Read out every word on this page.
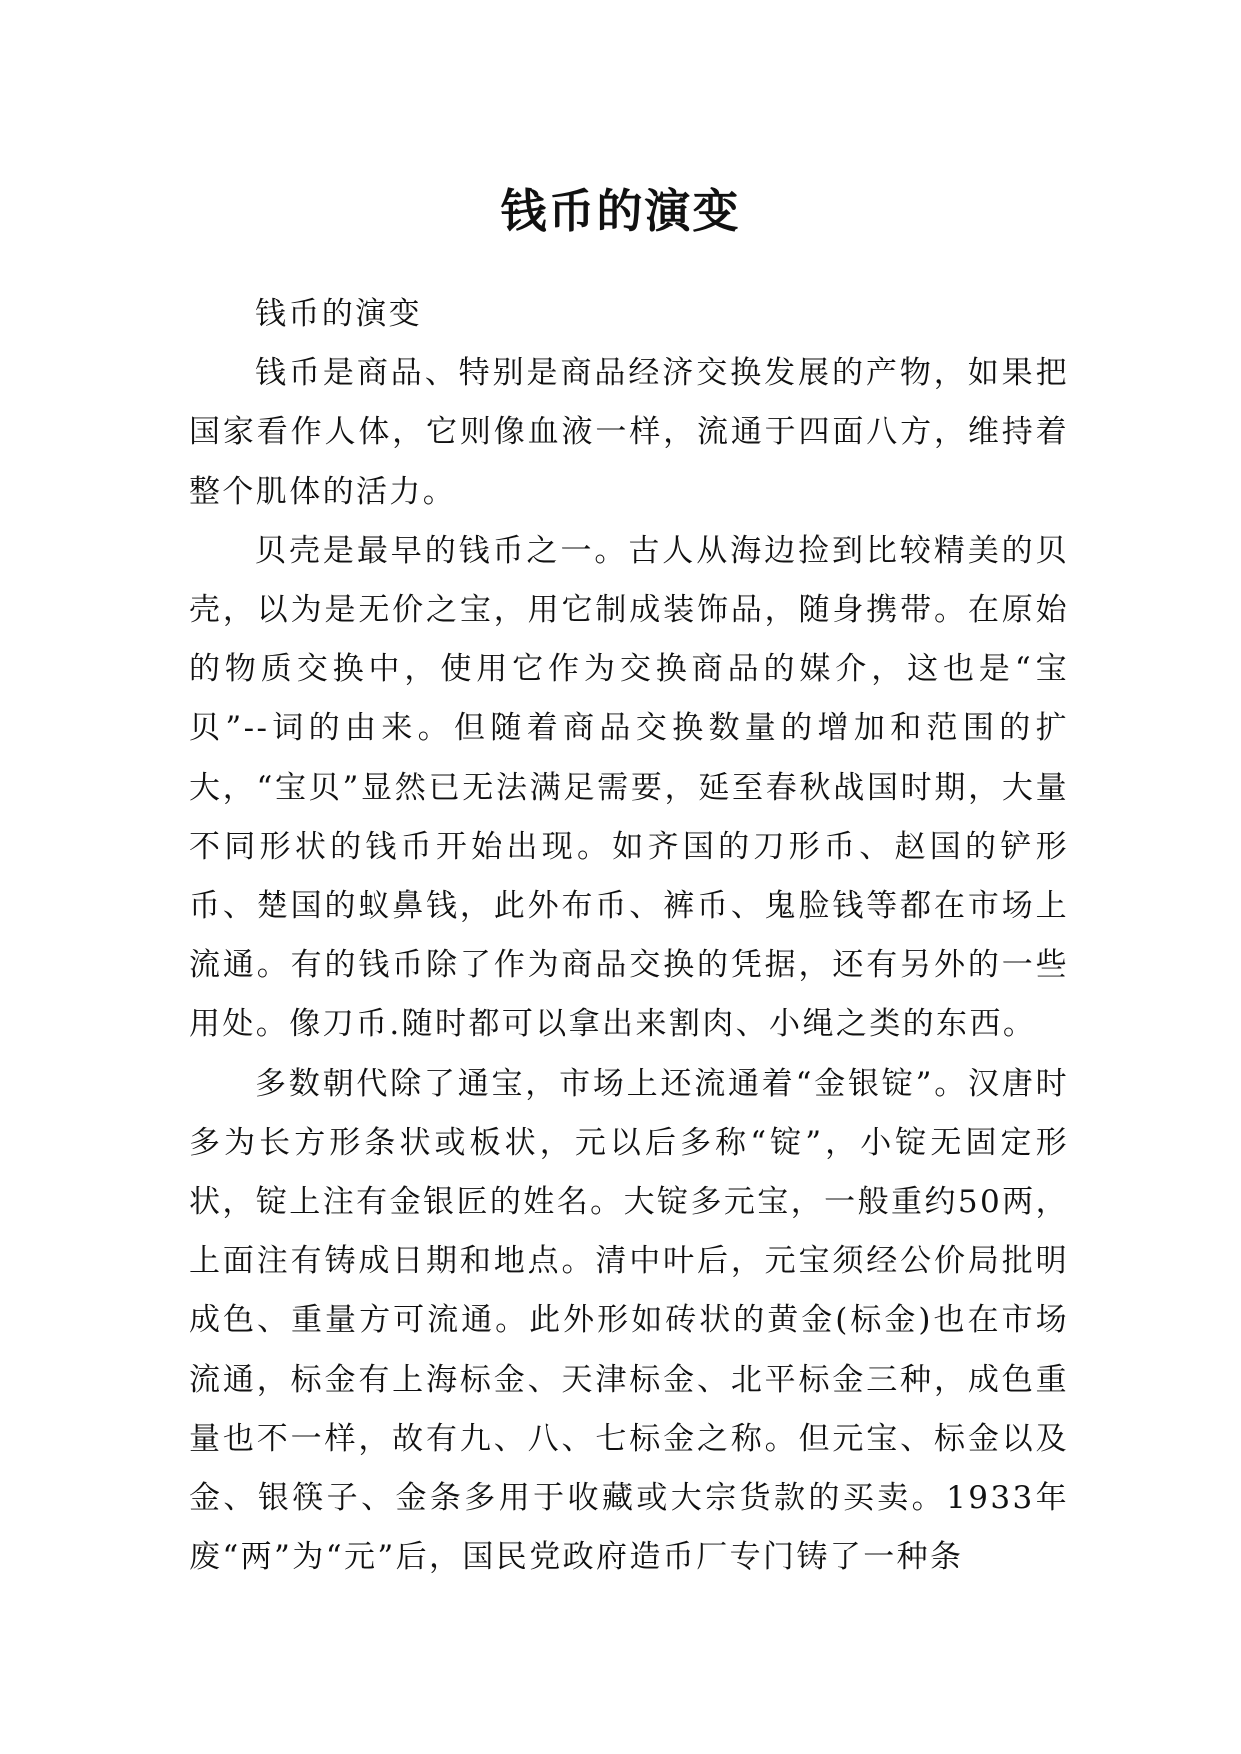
钱币的演变

钱币的演变

钱币是商品、特别是商品经济交换发展的产物，如果把国家看作人体，它则像血液一样，流通于四面八方，维持着整个肌体的活力。

贝壳是最早的钱币之一。古人从海边捡到比较精美的贝壳，以为是无价之宝，用它制成装饰品，随身携带。在原始的物质交换中，使用它作为交换商品的媒介，这也是“宝贝”--词的由来。但随着商品交换数量的增加和范围的扩大，“宝贝”显然已无法满足需要，延至春秋战国时期，大量不同形状的钱币开始出现。如齐国的刀形币、赵国的铲形币、楚国的蚁鼻钱，此外布币、裤币、鬼脸钱等都在市场上流通。有的钱币除了作为商品交换的凭据，还有另外的一些用处。像刀币.随时都可以拿出来割肉、小绳之类的东西。

多数朝代除了通宝，市场上还流通着“金银锭”。汉唐时多为长方形条状或板状，元以后多称“锭”，小锭无固定形状，锭上注有金银匠的姓名。大锭多元宝，一般重约50两，上面注有铸成日期和地点。清中叶后，元宝须经公价局批明成色、重量方可流通。此外形如砖状的黄金(标金)也在市场流通，标金有上海标金、天津标金、北平标金三种，成色重量也不一样，故有九、八、七标金之称。但元宝、标金以及金、银筷子、金条多用于收藏或大宗货款的买卖。1933年废“两”为“元”后，国民党政府造币厂专门铸了一种条
